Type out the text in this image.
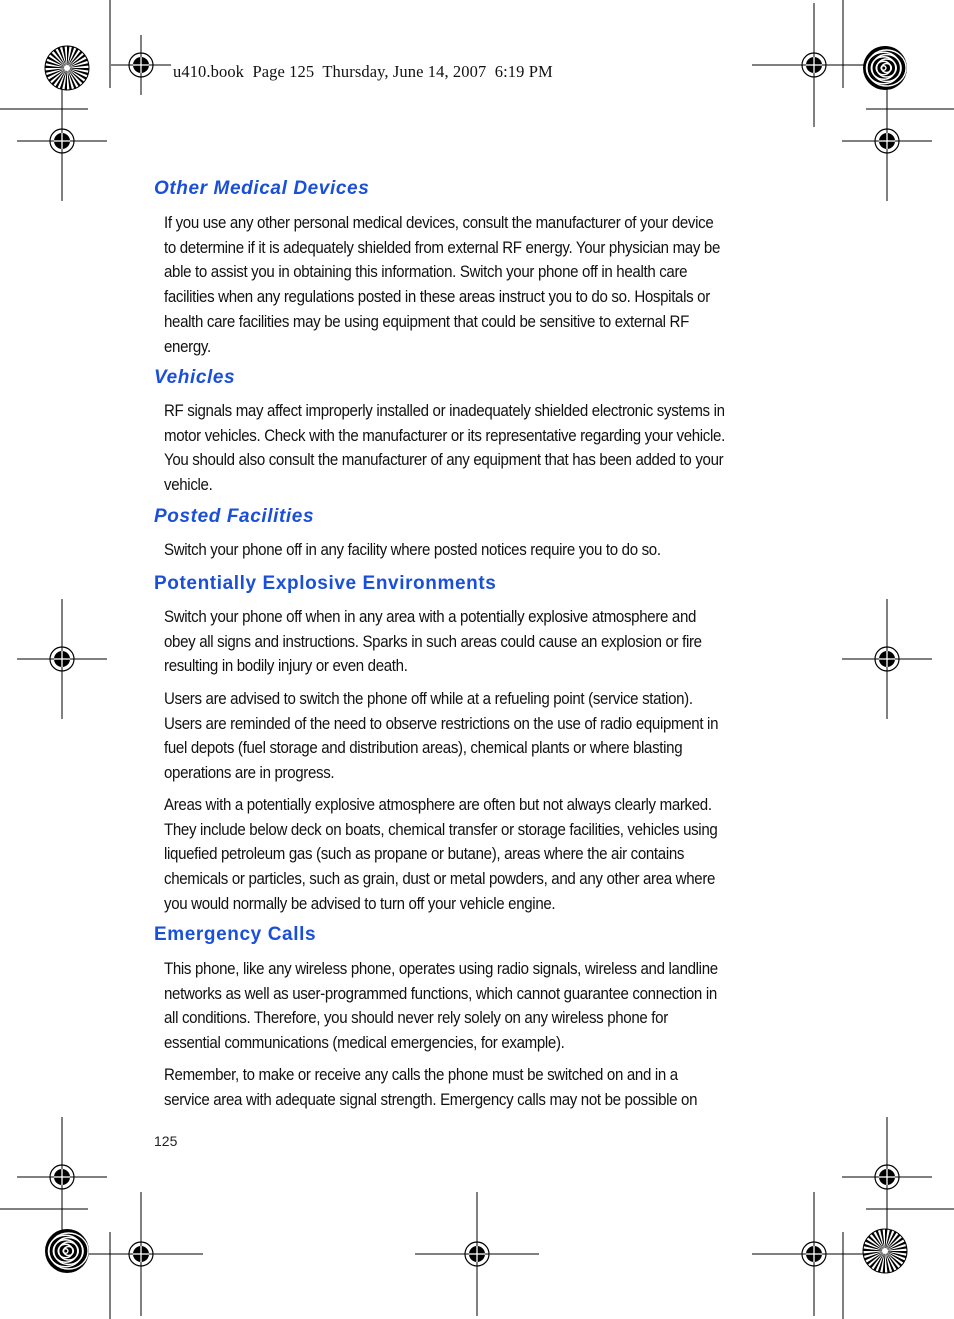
u410.book  Page 125  Thursday, June 14, 2007  6:19 PM
Other Medical Devices

If you use any other personal medical devices, consult the manufacturer of your device to determine if it is adequately shielded from external RF energy. Your physician may be able to assist you in obtaining this information. Switch your phone off in health care facilities when any regulations posted in these areas instruct you to do so. Hospitals or health care facilities may be using equipment that could be sensitive to external RF energy.

Vehicles

RF signals may affect improperly installed or inadequately shielded electronic systems in motor vehicles. Check with the manufacturer or its representative regarding your vehicle. You should also consult the manufacturer of any equipment that has been added to your vehicle.

Posted Facilities

Switch your phone off in any facility where posted notices require you to do so.

Potentially Explosive Environments

Switch your phone off when in any area with a potentially explosive atmosphere and obey all signs and instructions. Sparks in such areas could cause an explosion or fire resulting in bodily injury or even death.

Users are advised to switch the phone off while at a refueling point (service station). Users are reminded of the need to observe restrictions on the use of radio equipment in fuel depots (fuel storage and distribution areas), chemical plants or where blasting operations are in progress.

Areas with a potentially explosive atmosphere are often but not always clearly marked. They include below deck on boats, chemical transfer or storage facilities, vehicles using liquefied petroleum gas (such as propane or butane), areas where the air contains chemicals or particles, such as grain, dust or metal powders, and any other area where you would normally be advised to turn off your vehicle engine.

Emergency Calls

This phone, like any wireless phone, operates using radio signals, wireless and landline networks as well as user-programmed functions, which cannot guarantee connection in all conditions. Therefore, you should never rely solely on any wireless phone for essential communications (medical emergencies, for example).

Remember, to make or receive any calls the phone must be switched on and in a service area with adequate signal strength. Emergency calls may not be possible on

125
